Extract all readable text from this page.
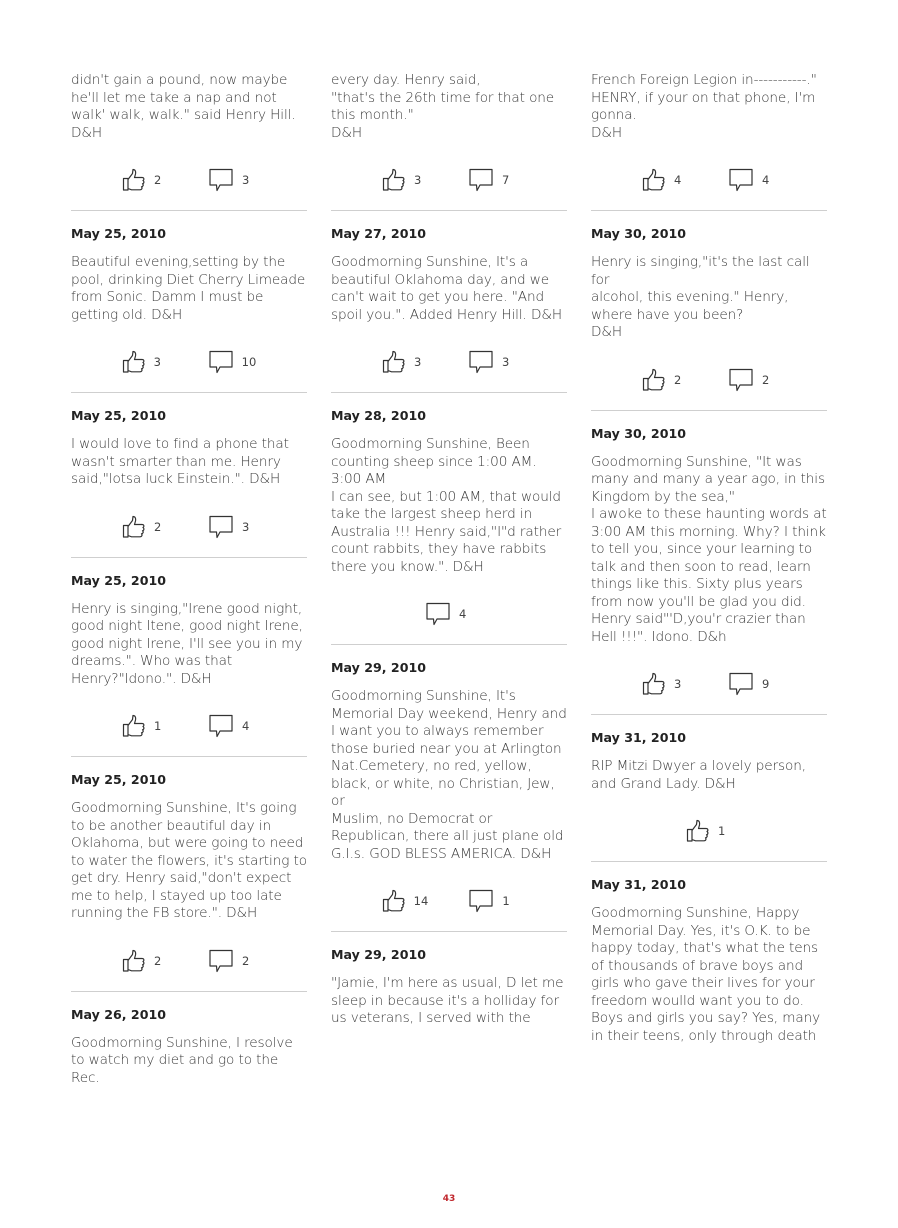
didn't gain a pound, now maybe
he'll let me take a nap and not
walk' walk, walk." said Henry Hill.
D&H

2	3

May 25, 2010

Beautiful evening,setting by the
pool, drinking Diet Cherry Limeade
from Sonic. Damm I must be
getting old. D&H

3	10

May 25, 2010

I would love to find a phone that
wasn't smarter than me. Henry
said,"lotsa luck Einstein.". D&H

2	3

May 25, 2010

Henry is singing,"Irene good night,
good night Itene, good night Irene,
good night Irene, I'll see you in my
dreams.". Who was that
Henry?"Idono.". D&H

1	4

May 25, 2010

Goodmorning Sunshine, It's going
to be another beautiful day in
Oklahoma, but were going to need
to water the flowers, it's starting to
get dry. Henry said,"don't expect
me to help, I stayed up too late
running the FB store.". D&H

2	2

May 26, 2010

Goodmorning Sunshine, I resolve
to watch my diet and go to the Rec.

every day. Henry said,
"that's the 26th time for that one
this month."
D&H

3	7

May 27, 2010

Goodmorning Sunshine, It's a
beautiful Oklahoma day, and we
can't wait to get you here. "And
spoil you.". Added Henry Hill. D&H

3	3

May 28, 2010

Goodmorning Sunshine, Been
counting sheep since 1:00 AM.
3:00 AM
I can see, but 1:00 AM, that would
take the largest sheep herd in
Australia !!! Henry said,"I"d rather
count rabbits, they have rabbits
there you know.". D&H

4

May 29, 2010

Goodmorning Sunshine, It's
Memorial Day weekend, Henry and
I want you to always remember
those buried near you at Arlington
Nat.Cemetery, no red, yellow,
black, or white, no Christian, Jew, or
Muslim, no Democrat or
Republican, there all just plane old
G.I.s. GOD BLESS AMERICA. D&H

14	1

May 29, 2010

"Jamie, I'm here as usual, D let me
sleep in because it's a holliday for
us veterans, I served with the

French Foreign Legion in-----------."
HENRY, if your on that phone, I'm
gonna.
D&H

4	4

May 30, 2010

Henry is singing,"it's the last call for
alcohol, this evening." Henry,
where have you been?
D&H

2	2

May 30, 2010

Goodmorning Sunshine, "It was
many and many a year ago, in this
Kingdom by the sea,"
I awoke to these haunting words at
3:00 AM this morning. Why? I think
to tell you, since your learning to
talk and then soon to read, learn
things like this. Sixty plus years
from now you'll be glad you did.
Henry said"'D,you'r crazier than
Hell !!!". Idono. D&h

3	9

May 31, 2010

RIP Mitzi Dwyer a lovely person,
and Grand Lady. D&H

1

May 31, 2010

Goodmorning Sunshine, Happy
Memorial Day. Yes, it's O.K. to be
happy today, that's what the tens
of thousands of brave boys and
girls who gave their lives for your
freedom woulld want you to do.
Boys and girls you say? Yes, many
in their teens, only through death

43
